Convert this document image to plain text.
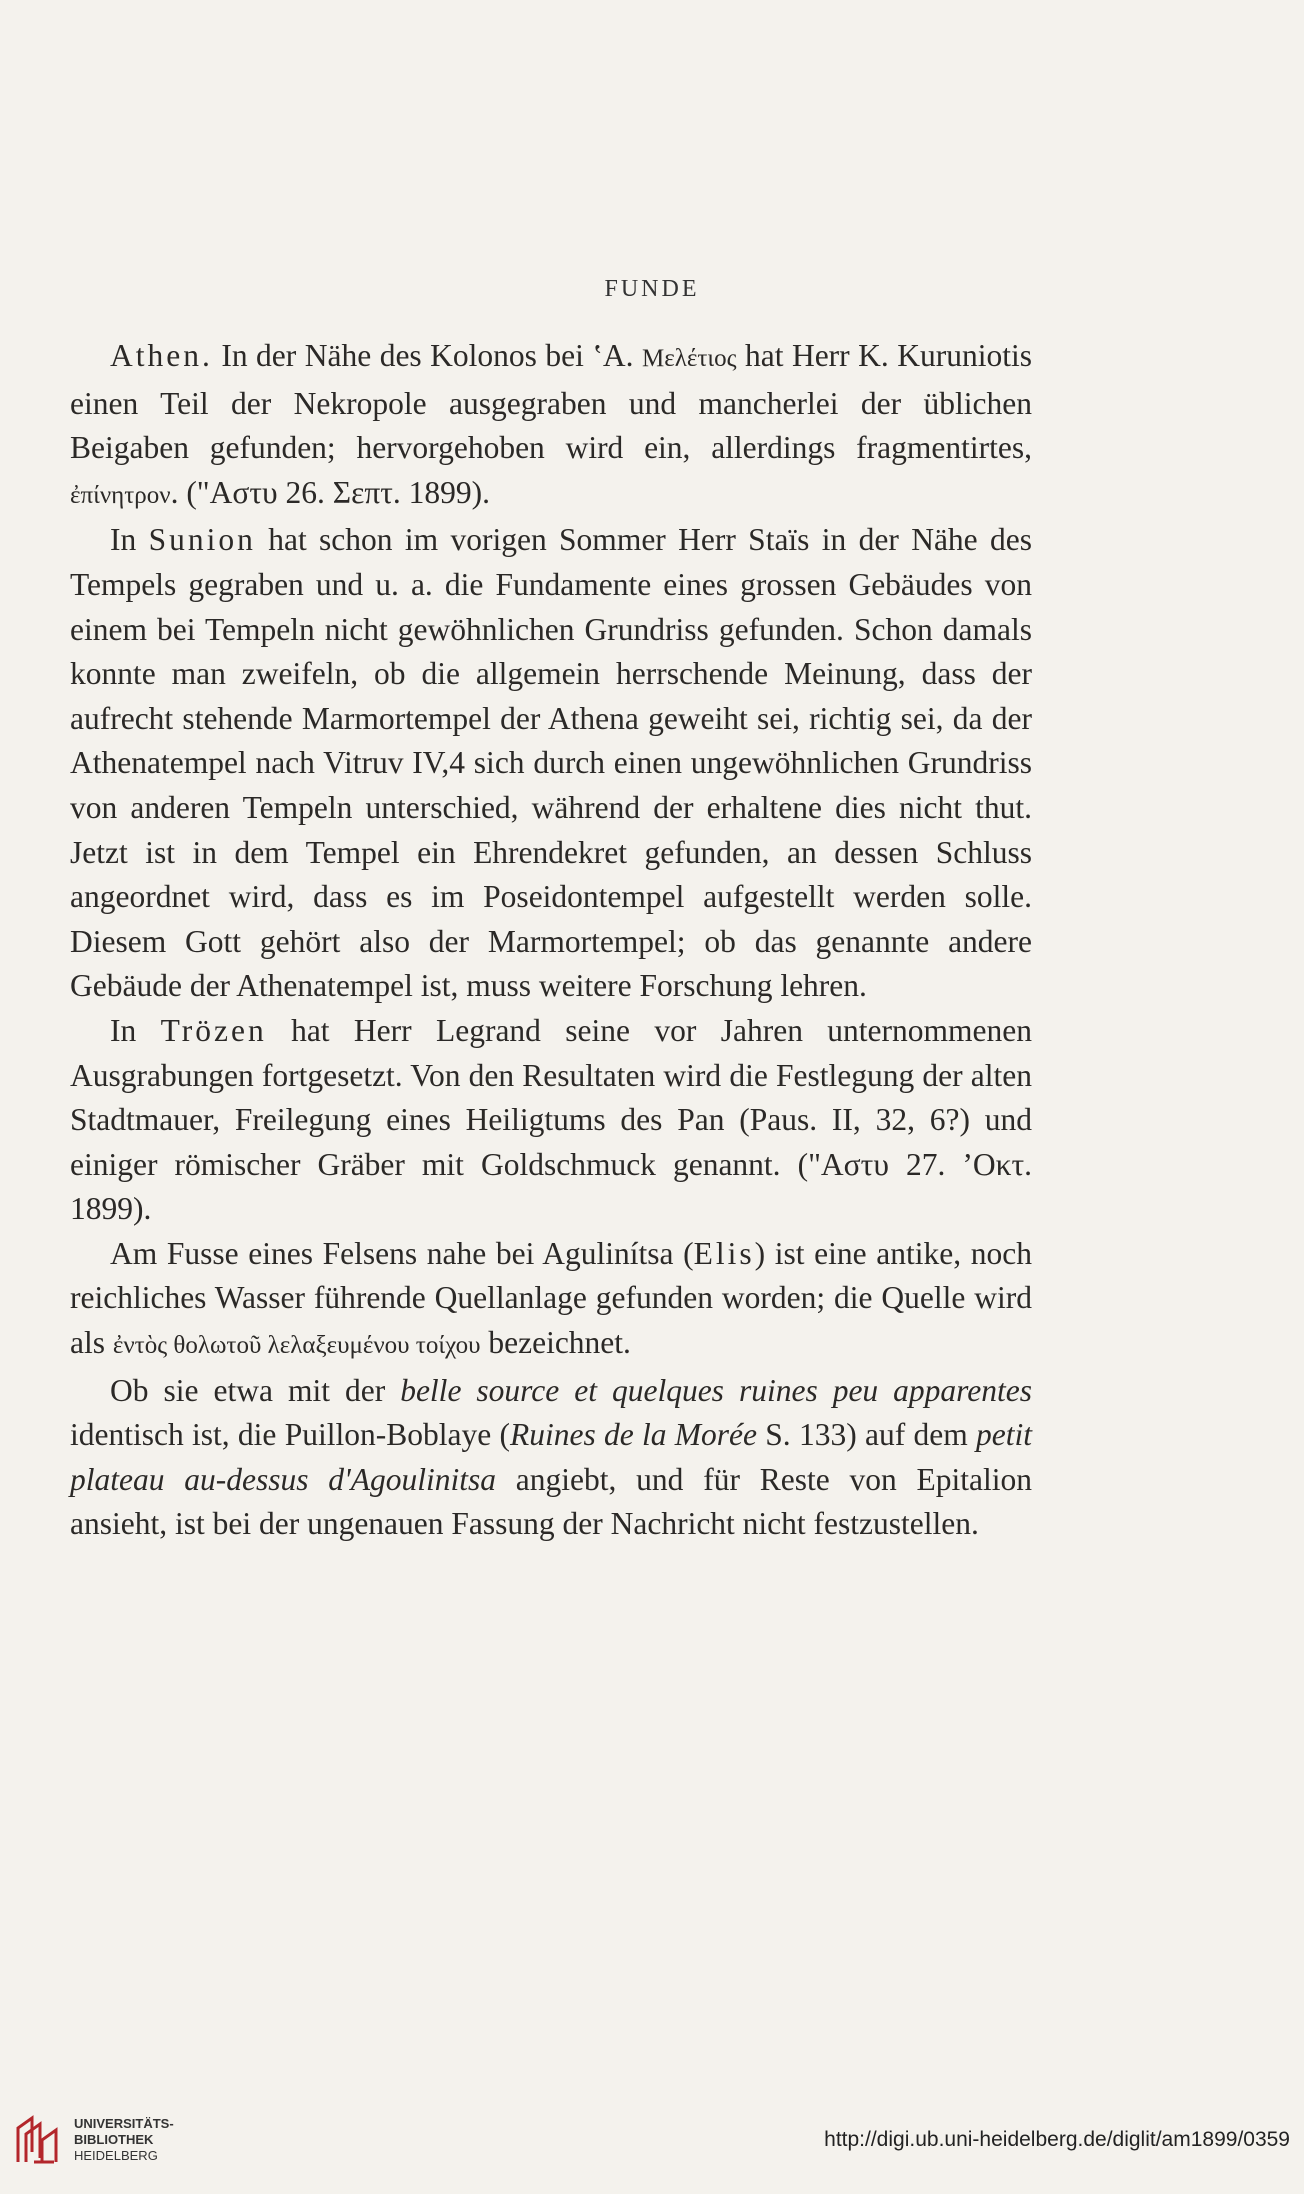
FUNDE

Athen. In der Nähe des Kolonos bei ʽΑ. Μελέτιος hat Herr K. Kuruniotis einen Teil der Nekropole ausgegraben und mancherlei der üblichen Beigaben gefunden; hervorgehoben wird ein, allerdings fragmentirtes, ἐπίνητρον. ("Αστυ 26. Σεπτ. 1899).

In Sunion hat schon im vorigen Sommer Herr Staïs in der Nähe des Tempels gegraben und u. a. die Fundamente eines grossen Gebäudes von einem bei Tempeln nicht gewöhnlichen Grundriss gefunden. Schon damals konnte man zweifeln, ob die allgemein herrschende Meinung, dass der aufrecht stehende Marmortempel der Athena geweiht sei, richtig sei, da der Athenatempel nach Vitruv IV,4 sich durch einen ungewöhnlichen Grundriss von anderen Tempeln unterschied, während der erhaltene dies nicht thut. Jetzt ist in dem Tempel ein Ehrendekret gefunden, an dessen Schluss angeordnet wird, dass es im Poseidontempel aufgestellt werden solle. Diesem Gott gehört also der Marmortempel; ob das genannte andere Gebäude der Athenatempel ist, muss weitere Forschung lehren.

In Trözen hat Herr Legrand seine vor Jahren unternommenen Ausgrabungen fortgesetzt. Von den Resultaten wird die Festlegung der alten Stadtmauer, Freilegung eines Heiligtums des Pan (Paus. II, 32, 6?) und einiger römischer Gräber mit Goldschmuck genannt. ("Αστυ 27. ʼΟκτ. 1899).

Am Fusse eines Felsens nahe bei Agulinítsa (Elis) ist eine antike, noch reichliches Wasser führende Quellanlage gefunden worden; die Quelle wird als ἐντὸς θολωτοῦ λελαξευμένου τοίχου bezeichnet.

Ob sie etwa mit der belle source et quelques ruines peu apparentes identisch ist, die Puillon-Boblaye (Ruines de la Morée S. 133) auf dem petit plateau au-dessus d'Agoulinitsa angiebt, und für Reste von Epitalion ansieht, ist bei der ungenauen Fassung der Nachricht nicht festzustellen.

UNIVERSITÄTS-
BIBLIOTHEK
HEIDELBERG
http://digi.ub.uni-heidelberg.de/diglit/am1899/0359
